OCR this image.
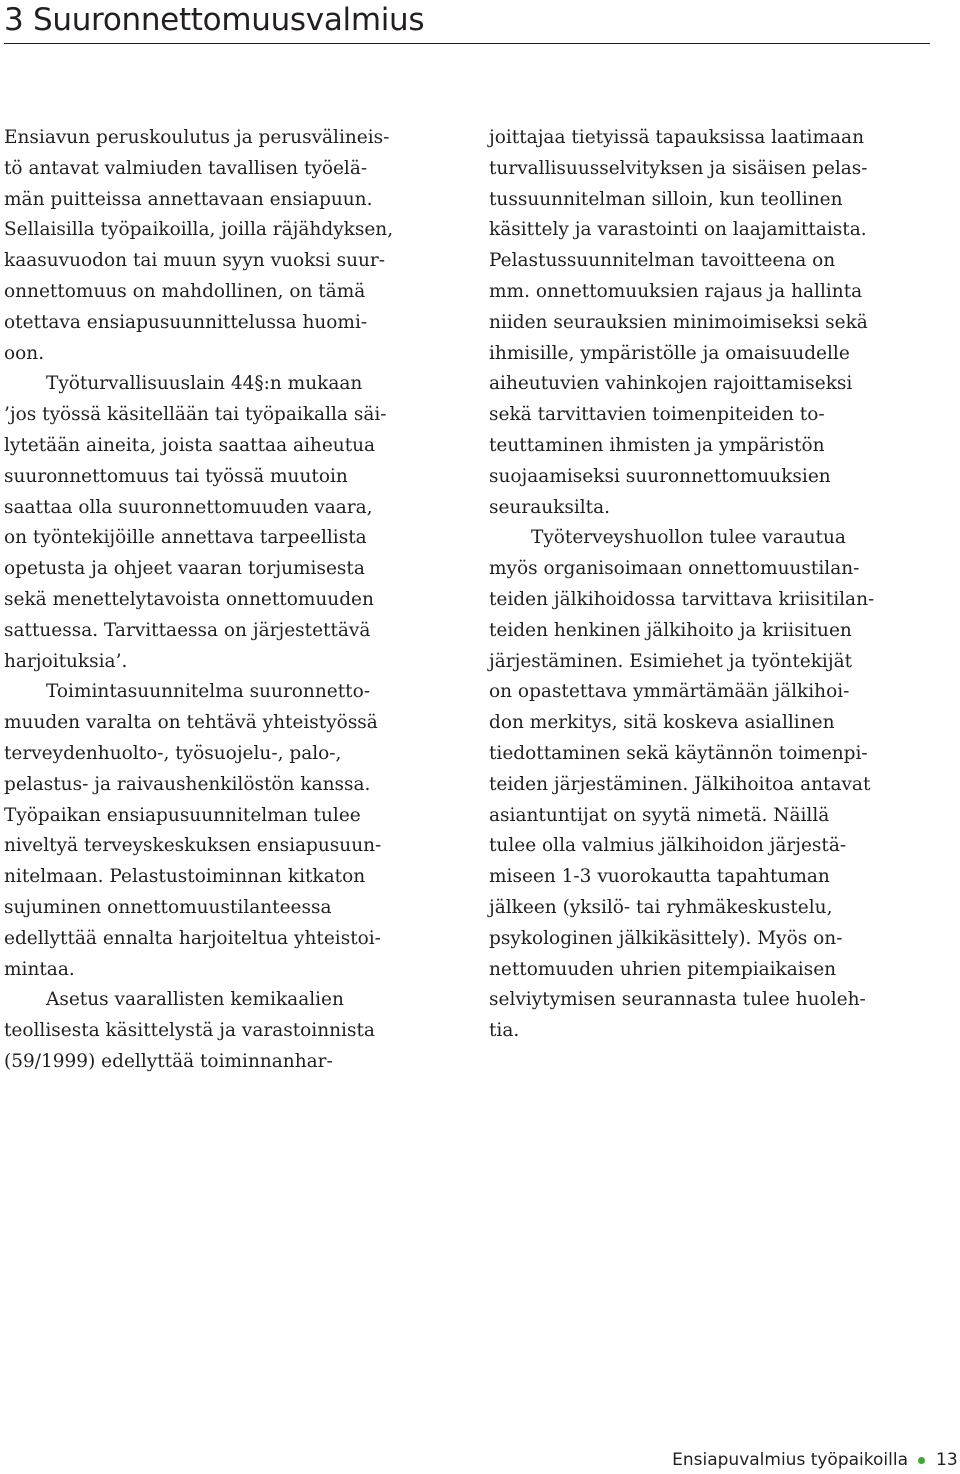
3 Suuronnettomuusvalmius
Ensiavun peruskoulutus ja perusvälineis-
tö antavat valmiuden tavallisen työelä-
män puitteissa annettavaan ensiapuun.
Sellaisilla työpaikoilla, joilla räjähdyksen,
kaasuvuodon tai muun syyn vuoksi suur-
onnettomuus on mahdollinen, on tämä
otettava ensiapusuunnittelussa huomi-
oon.
Työturvallisuuslain 44§:n mukaan
’jos työssä käsitellään tai työpaikalla säi-
lytetään aineita, joista saattaa aiheutua
suuronnettomuus tai työssä muutoin
saattaa olla suuronnettomuuden vaara,
on työntekijöille annettava tarpeellista
opetusta ja ohjeet vaaran torjumisesta
sekä menettelytavoista onnettomuuden
sattuessa. Tarvittaessa on järjestettävä
harjoituksia’.
Toimintasuunnitelma suuronnetto-
muuden varalta on tehtävä yhteistyössä
terveydenhuolto-, työsuojelu-, palo-,
pelastus- ja raivaushenkilöstön kanssa.
Työpaikan ensiapusuunnitelman tulee
niveltyä terveyskeskuksen ensiapusuun-
nitelmaan. Pelastustoiminnan kitkaton
sujuminen onnettomuustilanteessa
edellyttää ennalta harjoiteltua yhteistoi-
mintaa.
Asetus vaarallisten kemikaalien
teollisesta käsittelystä ja varastoinnista
(59/1999) edellyttää toiminnanhar-
joittajaa tietyissä tapauksissa laatimaan
turvallisuusselvityksen ja sisäisen pelas-
tussuunnitelman silloin, kun teollinen
käsittely ja varastointi on laajamittaista.
Pelastussuunnitelman tavoitteena on
mm. onnettomuuksien rajaus ja hallinta
niiden seurauksien minimoimiseksi sekä
ihmisille, ympäristölle ja omaisuudelle
aiheutuvien vahinkojen rajoittamiseksi
sekä tarvittavien toimenpiteiden to-
teuttaminen ihmisten ja ympäristön
suojaamiseksi suuronnettomuuksien
seurauksilta.
Työterveyshuollon tulee varautua
myös organisoimaan onnettomuustilan-
teiden jälkihoidossa tarvittava kriisitilan-
teiden henkinen jälkihoito ja kriisituen
järjestäminen. Esimiehet ja työntekijät
on opastettava ymmärtämään jälkihoi-
don merkitys, sitä koskeva asiallinen
tiedottaminen sekä käytännön toimenpi-
teiden järjestäminen. Jälkihoitoa antavat
asiantuntijat on syytä nimetä. Näillä
tulee olla valmius jälkihoidon järjestä-
miseen 1-3 vuorokautta tapahtuman
jälkeen (yksilö- tai ryhmäkeskustelu,
psykologinen jälkikäsittely). Myös on-
nettomuuden uhrien pitempiaikaisen
selviytymisen seurannasta tulee huoleh-
tia.
Ensiapuvalmius työpaikoilla 13
